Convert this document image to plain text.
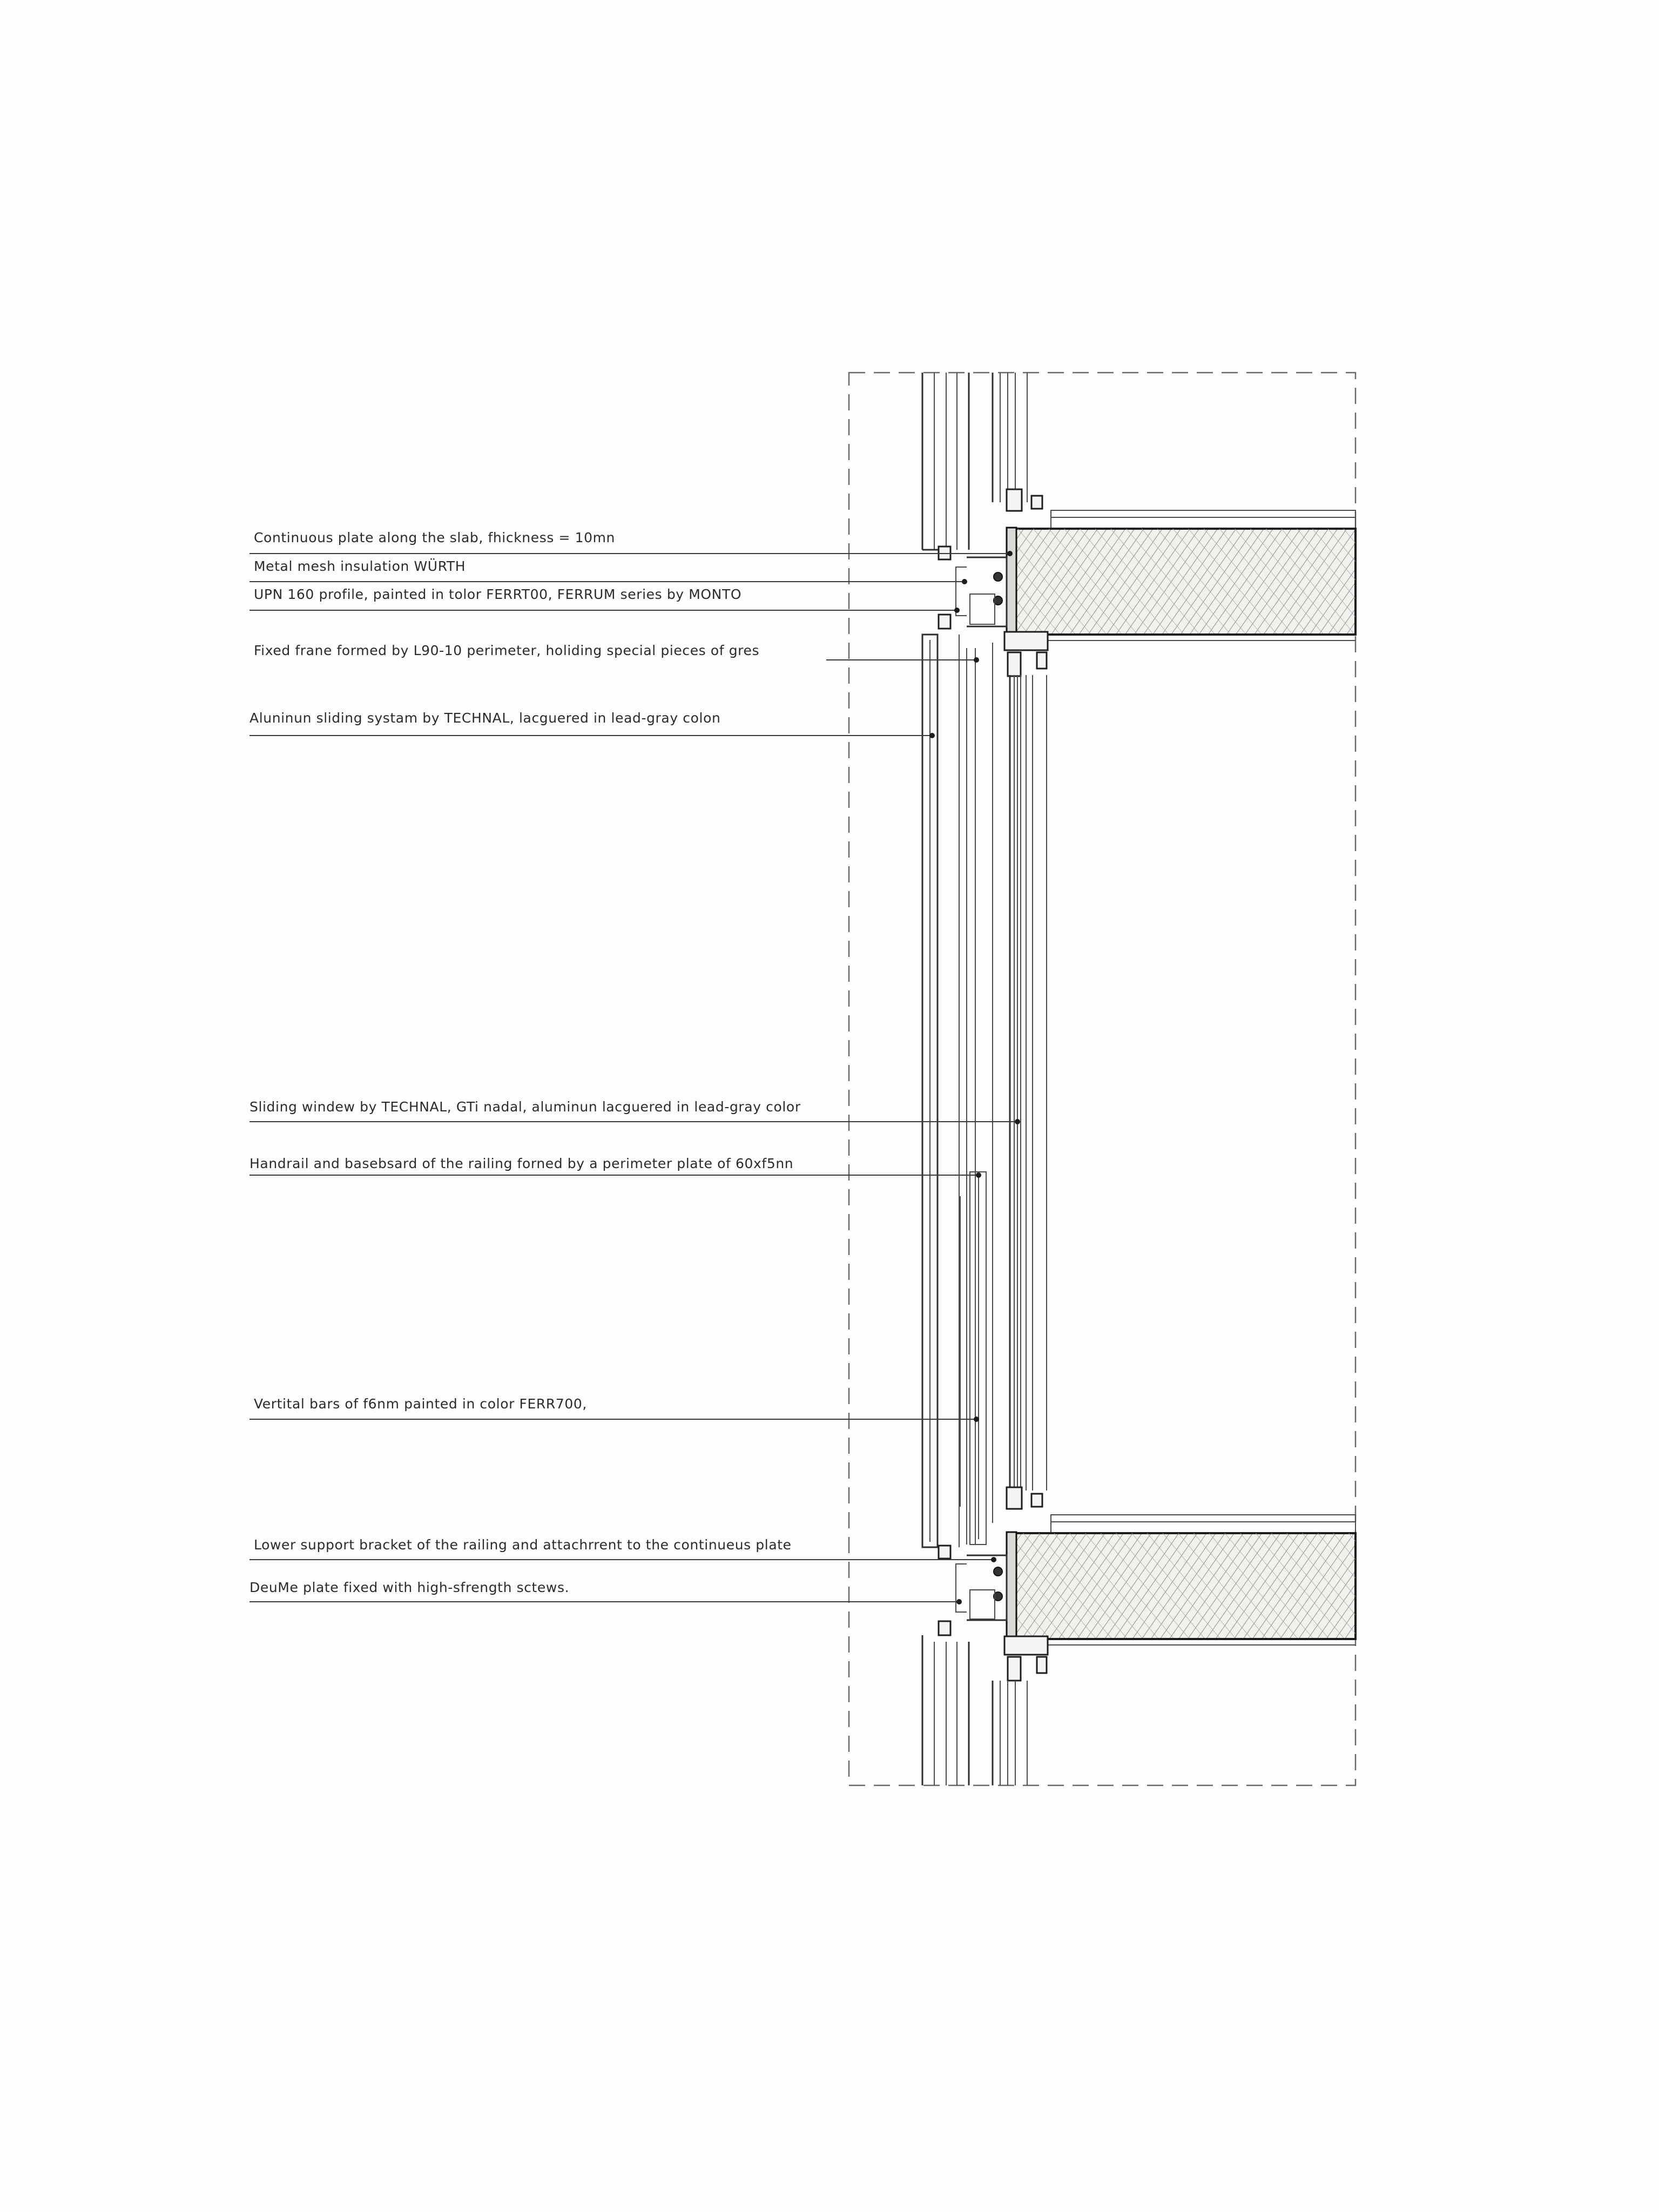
Continuous plate along the slab, fhickness = 10mn
Metal mesh insulation WÜRTH
UPN 160 profile, painted in tolor FERRT00, FERRUM series by MONTO
Fixed frane formed by L90-10 perimeter, holiding special pieces of gres
Aluninun sliding systam by TECHNAL, lacguered in lead-gray colon
Sliding windew by TECHNAL, GTi nadal, aluminun lacguered in lead-gray color
Handrail and basebsard of the railing forned by a perimeter plate of 60xf5nn
Vertital bars of f6nm painted in color FERR700,
Lower support bracket of the railing and attachrrent to the continueus plate
DeuMe plate fixed with high-sfrength sctews.
